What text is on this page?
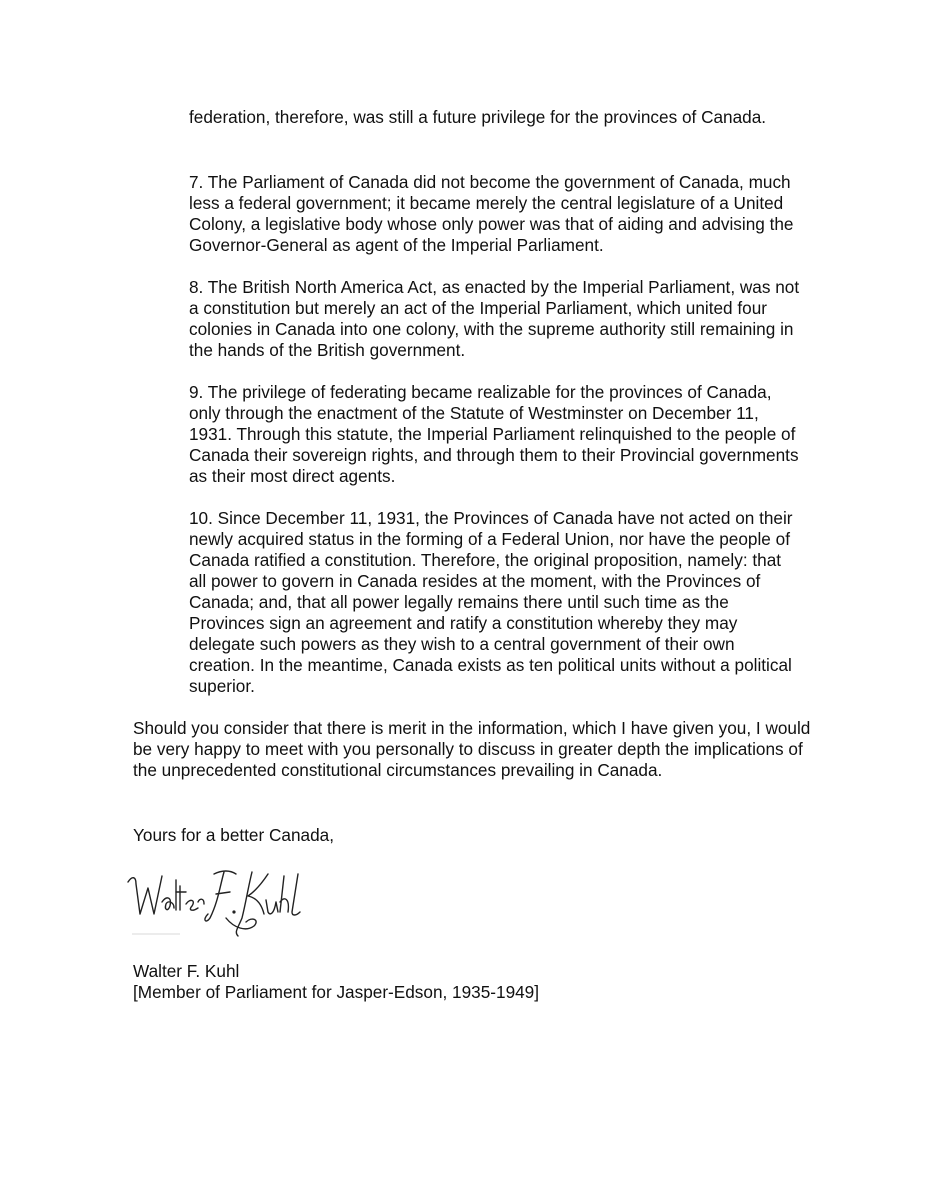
federation, therefore, was still a future privilege for the provinces of Canada.

7. The Parliament of Canada did not become the government of Canada, much less a federal government; it became merely the central legislature of a United Colony, a legislative body whose only power was that of aiding and advising the Governor-General as agent of the Imperial Parliament.

8. The British North America Act, as enacted by the Imperial Parliament, was not a constitution but merely an act of the Imperial Parliament, which united four colonies in Canada into one colony, with the supreme authority still remaining in the hands of the British government.

9. The privilege of federating became realizable for the provinces of Canada, only through the enactment of the Statute of Westminster on December 11, 1931. Through this statute, the Imperial Parliament relinquished to the people of Canada their sovereign rights, and through them to their Provincial governments as their most direct agents.

10. Since December 11, 1931, the Provinces of Canada have not acted on their newly acquired status in the forming of a Federal Union, nor have the people of Canada ratified a constitution. Therefore, the original proposition, namely: that all power to govern in Canada resides at the moment, with the Provinces of Canada; and, that all power legally remains there until such time as the Provinces sign an agreement and ratify a constitution whereby they may delegate such powers as they wish to a central government of their own creation. In the meantime, Canada exists as ten political units without a political superior.

Should you consider that there is merit in the information, which I have given you, I would be very happy to meet with you personally to discuss in greater depth the implications of the unprecedented constitutional circumstances prevailing in Canada.

Yours for a better Canada,

Walter F. Kuhl

[Member of Parliament for Jasper-Edson, 1935-1949]
